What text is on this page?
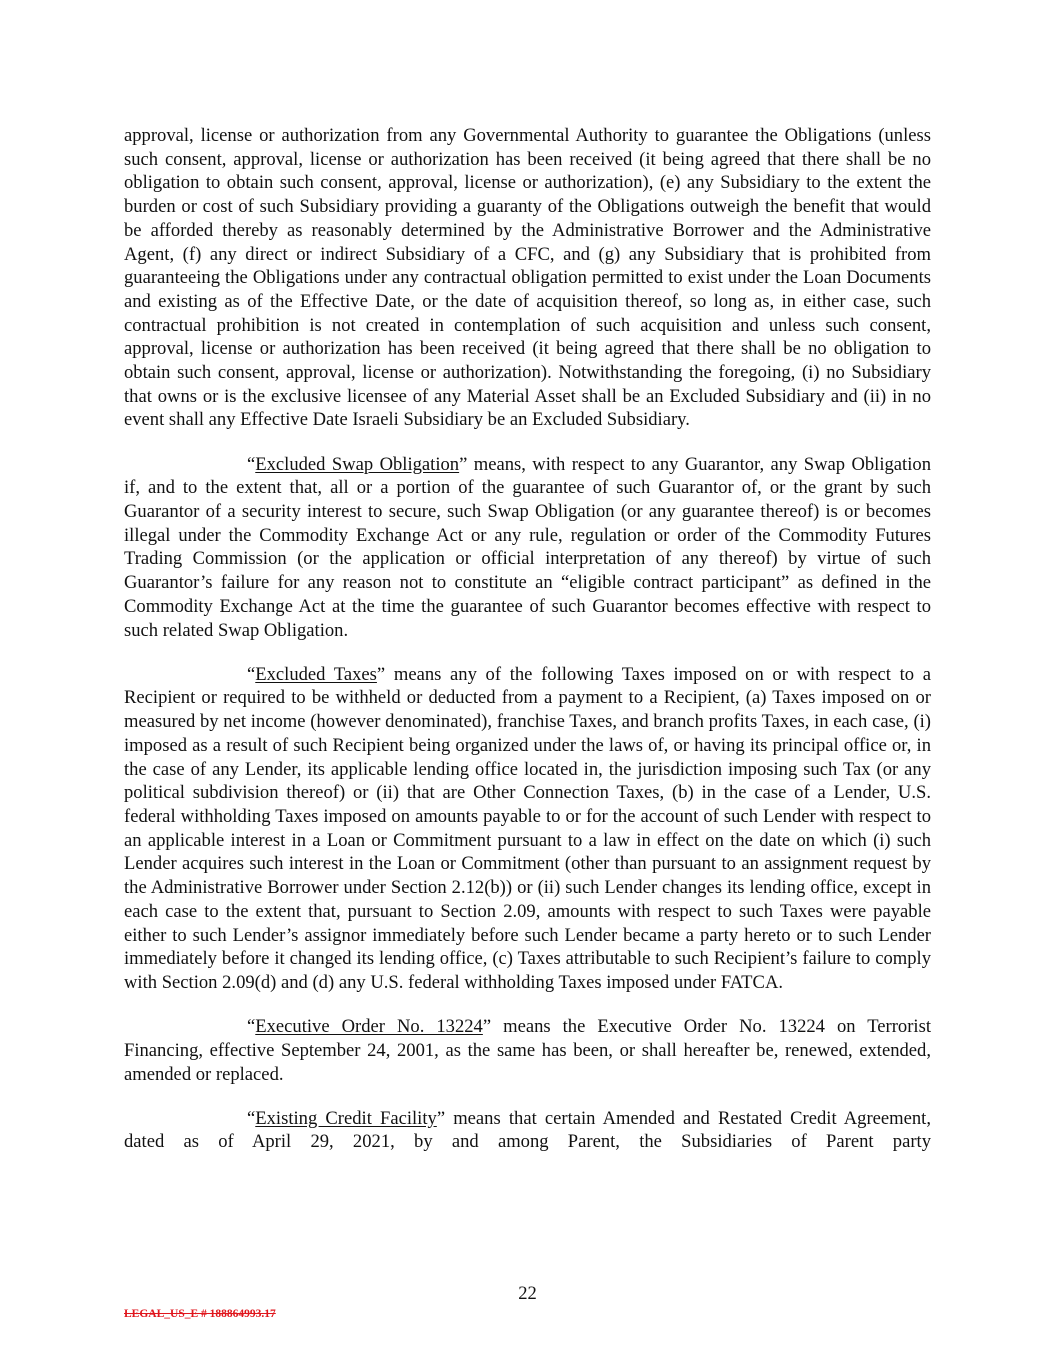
approval, license or authorization from any Governmental Authority to guarantee the Obligations (unless such consent, approval, license or authorization has been received (it being agreed that there shall be no obligation to obtain such consent, approval, license or authorization), (e) any Subsidiary to the extent the burden or cost of such Subsidiary providing a guaranty of the Obligations outweigh the benefit that would be afforded thereby as reasonably determined by the Administrative Borrower and the Administrative Agent, (f) any direct or indirect Subsidiary of a CFC, and (g) any Subsidiary that is prohibited from guaranteeing the Obligations under any contractual obligation permitted to exist under the Loan Documents and existing as of the Effective Date, or the date of acquisition thereof, so long as, in either case, such contractual prohibition is not created in contemplation of such acquisition and unless such consent, approval, license or authorization has been received (it being agreed that there shall be no obligation to obtain such consent, approval, license or authorization). Notwithstanding the foregoing, (i) no Subsidiary that owns or is the exclusive licensee of any Material Asset shall be an Excluded Subsidiary and (ii) in no event shall any Effective Date Israeli Subsidiary be an Excluded Subsidiary.

“Excluded Swap Obligation” means, with respect to any Guarantor, any Swap Obligation if, and to the extent that, all or a portion of the guarantee of such Guarantor of, or the grant by such Guarantor of a security interest to secure, such Swap Obligation (or any guarantee thereof) is or becomes illegal under the Commodity Exchange Act or any rule, regulation or order of the Commodity Futures Trading Commission (or the application or official interpretation of any thereof) by virtue of such Guarantor’s failure for any reason not to constitute an “eligible contract participant” as defined in the Commodity Exchange Act at the time the guarantee of such Guarantor becomes effective with respect to such related Swap Obligation.

“Excluded Taxes” means any of the following Taxes imposed on or with respect to a Recipient or required to be withheld or deducted from a payment to a Recipient, (a) Taxes imposed on or measured by net income (however denominated), franchise Taxes, and branch profits Taxes, in each case, (i) imposed as a result of such Recipient being organized under the laws of, or having its principal office or, in the case of any Lender, its applicable lending office located in, the jurisdiction imposing such Tax (or any political subdivision thereof) or (ii) that are Other Connection Taxes, (b) in the case of a Lender, U.S. federal withholding Taxes imposed on amounts payable to or for the account of such Lender with respect to an applicable interest in a Loan or Commitment pursuant to a law in effect on the date on which (i) such Lender acquires such interest in the Loan or Commitment (other than pursuant to an assignment request by the Administrative Borrower under Section 2.12(b)) or (ii) such Lender changes its lending office, except in each case to the extent that, pursuant to Section 2.09, amounts with respect to such Taxes were payable either to such Lender’s assignor immediately before such Lender became a party hereto or to such Lender immediately before it changed its lending office, (c) Taxes attributable to such Recipient’s failure to comply with Section 2.09(d) and (d) any U.S. federal withholding Taxes imposed under FATCA.

“Executive Order No. 13224” means the Executive Order No. 13224 on Terrorist Financing, effective September 24, 2001, as the same has been, or shall hereafter be, renewed, extended, amended or replaced.

“Existing Credit Facility” means that certain Amended and Restated Credit Agreement, dated as of April 29, 2021, by and among Parent, the Subsidiaries of Parent party

22
LEGAL_US_E # 188864993.17
